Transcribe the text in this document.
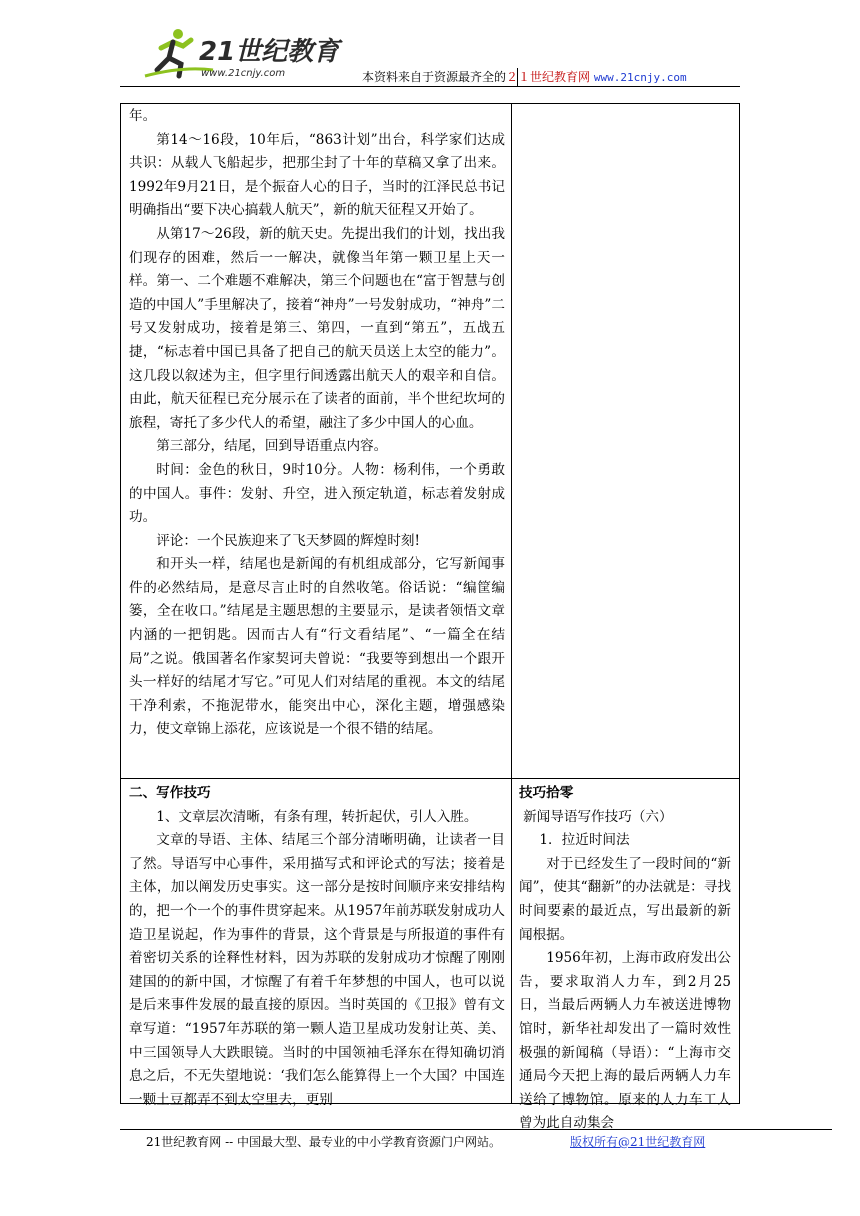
21世纪教育
www.21cnjy.com	本资料来自于资源最齐全的２１世纪教育网 www.21cnjy.com

年。

第14～16段，10年后，“863计划”出台，科学家们达成共识：从载人飞船起步，把那尘封了十年的草稿又拿了出来。1992年9月21日，是个振奋人心的日子，当时的江泽民总书记明确指出“要下决心搞载人航天”，新的航天征程又开始了。

从第17～26段，新的航天史。先提出我们的计划，找出我们现存的困难，然后一一解决，就像当年第一颗卫星上天一样。第一、二个难题不难解决，第三个问题也在“富于智慧与创造的中国人”手里解决了，接着“神舟”一号发射成功，“神舟”二号又发射成功，接着是第三、第四，一直到“第五”，五战五捷，“标志着中国已具备了把自己的航天员送上太空的能力”。这几段以叙述为主，但字里行间透露出航天人的艰辛和自信。由此，航天征程已充分展示在了读者的面前，半个世纪坎坷的旅程，寄托了多少代人的希望，融注了多少中国人的心血。

第三部分，结尾，回到导语重点内容。

时间：金色的秋日，9时10分。人物：杨利伟，一个勇敢的中国人。事件：发射、升空，进入预定轨道，标志着发射成功。

评论：一个民族迎来了飞天梦圆的辉煌时刻!

和开头一样，结尾也是新闻的有机组成部分，它写新闻事件的必然结局，是意尽言止时的自然收笔。俗话说：“编筐编篓，全在收口。”结尾是主题思想的主要显示，是读者领悟文章内涵的一把钥匙。因而古人有“行文看结尾”、“一篇全在结局”之说。俄国著名作家契诃夫曾说：“我要等到想出一个跟开头一样好的结尾才写它。”可见人们对结尾的重视。本文的结尾干净利索，不拖泥带水，能突出中心，深化主题，增强感染力，使文章锦上添花，应该说是一个很不错的结尾。

二、写作技巧

1、文章层次清晰，有条有理，转折起伏，引人入胜。

文章的导语、主体、结尾三个部分清晰明确，让读者一目了然。导语写中心事件，采用描写式和评论式的写法；接着是主体，加以阐发历史事实。这一部分是按时间顺序来安排结构的，把一个一个的事件贯穿起来。从1957年前苏联发射成功人造卫星说起，作为事件的背景，这个背景是与所报道的事件有着密切关系的诠释性材料，因为苏联的发射成功才惊醒了刚刚建国的的新中国，才惊醒了有着千年梦想的中国人，也可以说是后来事件发展的最直接的原因。当时英国的《卫报》曾有文章写道：“1957年苏联的第一颗人造卫星成功发射让英、美、中三国领导人大跌眼镜。当时的中国领袖毛泽东在得知确切消息之后，不无失望地说：‘我们怎么能算得上一个大国？中国连一颗土豆都弄不到太空里去，更别

技巧拾零

新闻导语写作技巧（六）

1．拉近时间法

对于已经发生了一段时间的“新闻”，使其“翻新”的办法就是：寻找时间要素的最近点，写出最新的新闻根据。

1956年初，上海市政府发出公告，要求取消人力车，到2月25日，当最后两辆人力车被送进博物馆时，新华社却发出了一篇时效性极强的新闻稿（导语）：“上海市交通局今天把上海的最后两辆人力车送给了博物馆。原来的人力车工人曾为此自动集会

21世纪教育网 -- 中国最大型、最专业的中小学教育资源门户网站。	版权所有@21世纪教育网
